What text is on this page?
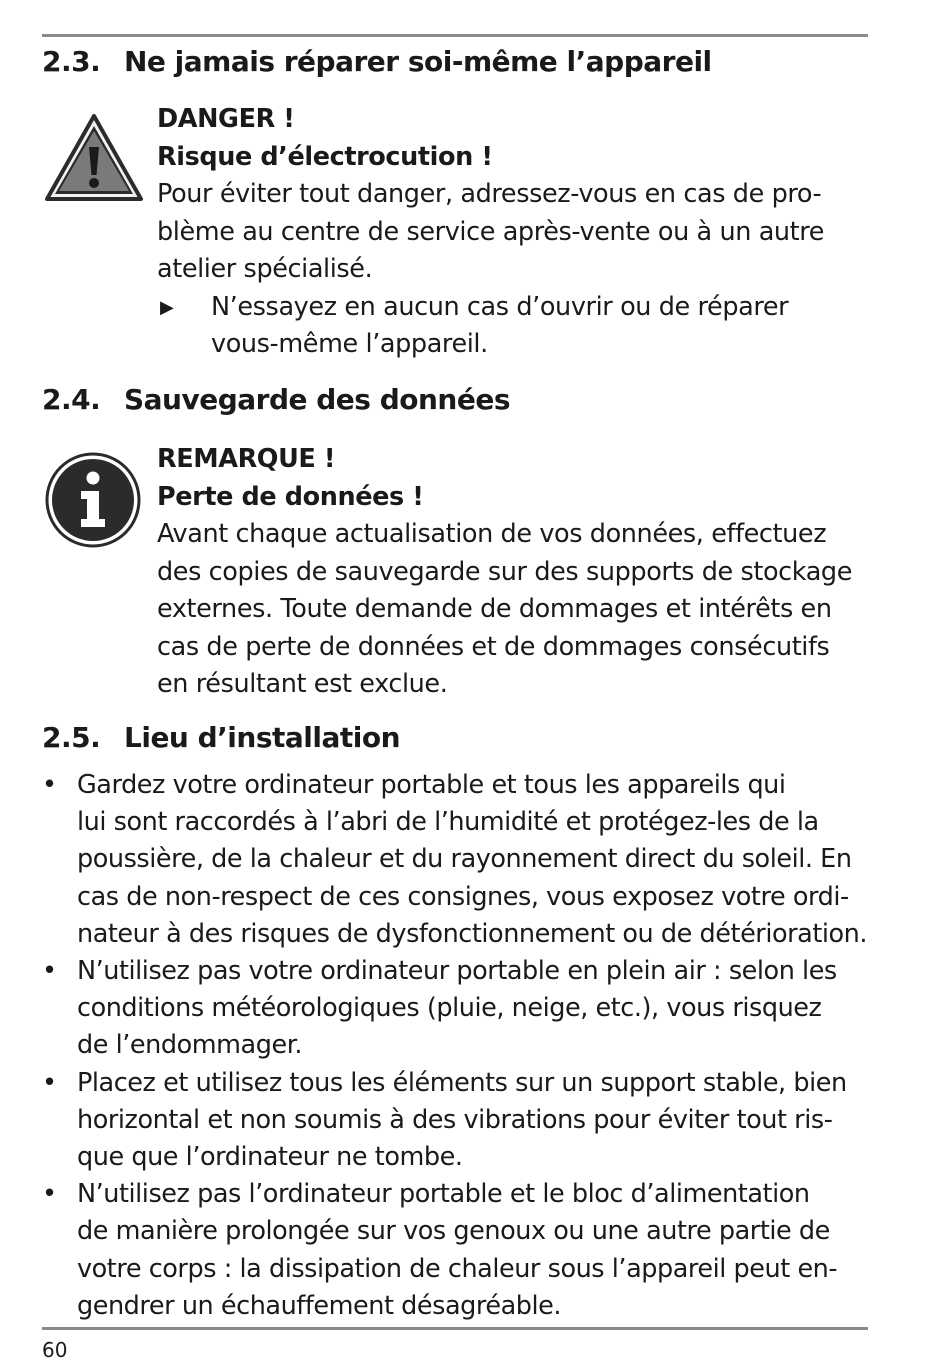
2.3. Ne jamais réparer soi-même l’appareil

DANGER !

Risque d’électrocution !

Pour éviter tout danger, adressez-vous en cas de pro-

blème au centre de service après-vente ou à un autre

atelier spécialisé.

▶ N’essayez en aucun cas d’ouvrir ou de réparer

vous-même l’appareil.

2.4. Sauvegarde des données

REMARQUE !

Perte de données !

Avant chaque actualisation de vos données, effectuez

des copies de sauvegarde sur des supports de stockage

externes. Toute demande de dommages et intérêts en

cas de perte de données et de dommages consécutifs

en résultant est exclue.

2.5. Lieu d’installation
• Gardez votre ordinateur portable et tous les appareils qui
lui sont raccordés à l’abri de l’humidité et protégez-les de la
poussière, de la chaleur et du rayonnement direct du soleil. En
cas de non-respect de ces consignes, vous exposez votre ordi-
nateur à des risques de dysfonctionnement ou de détérioration.
• N’utilisez pas votre ordinateur portable en plein air : selon les
conditions météorologiques (pluie, neige, etc.), vous risquez
de l’endommager.
• Placez et utilisez tous les éléments sur un support stable, bien
horizontal et non soumis à des vibrations pour éviter tout ris-
que que l’ordinateur ne tombe.
• N’utilisez pas l’ordinateur portable et le bloc d’alimentation
de manière prolongée sur vos genoux ou une autre partie de
votre corps : la dissipation de chaleur sous l’appareil peut en-
gendrer un échauffement désagréable.
60
